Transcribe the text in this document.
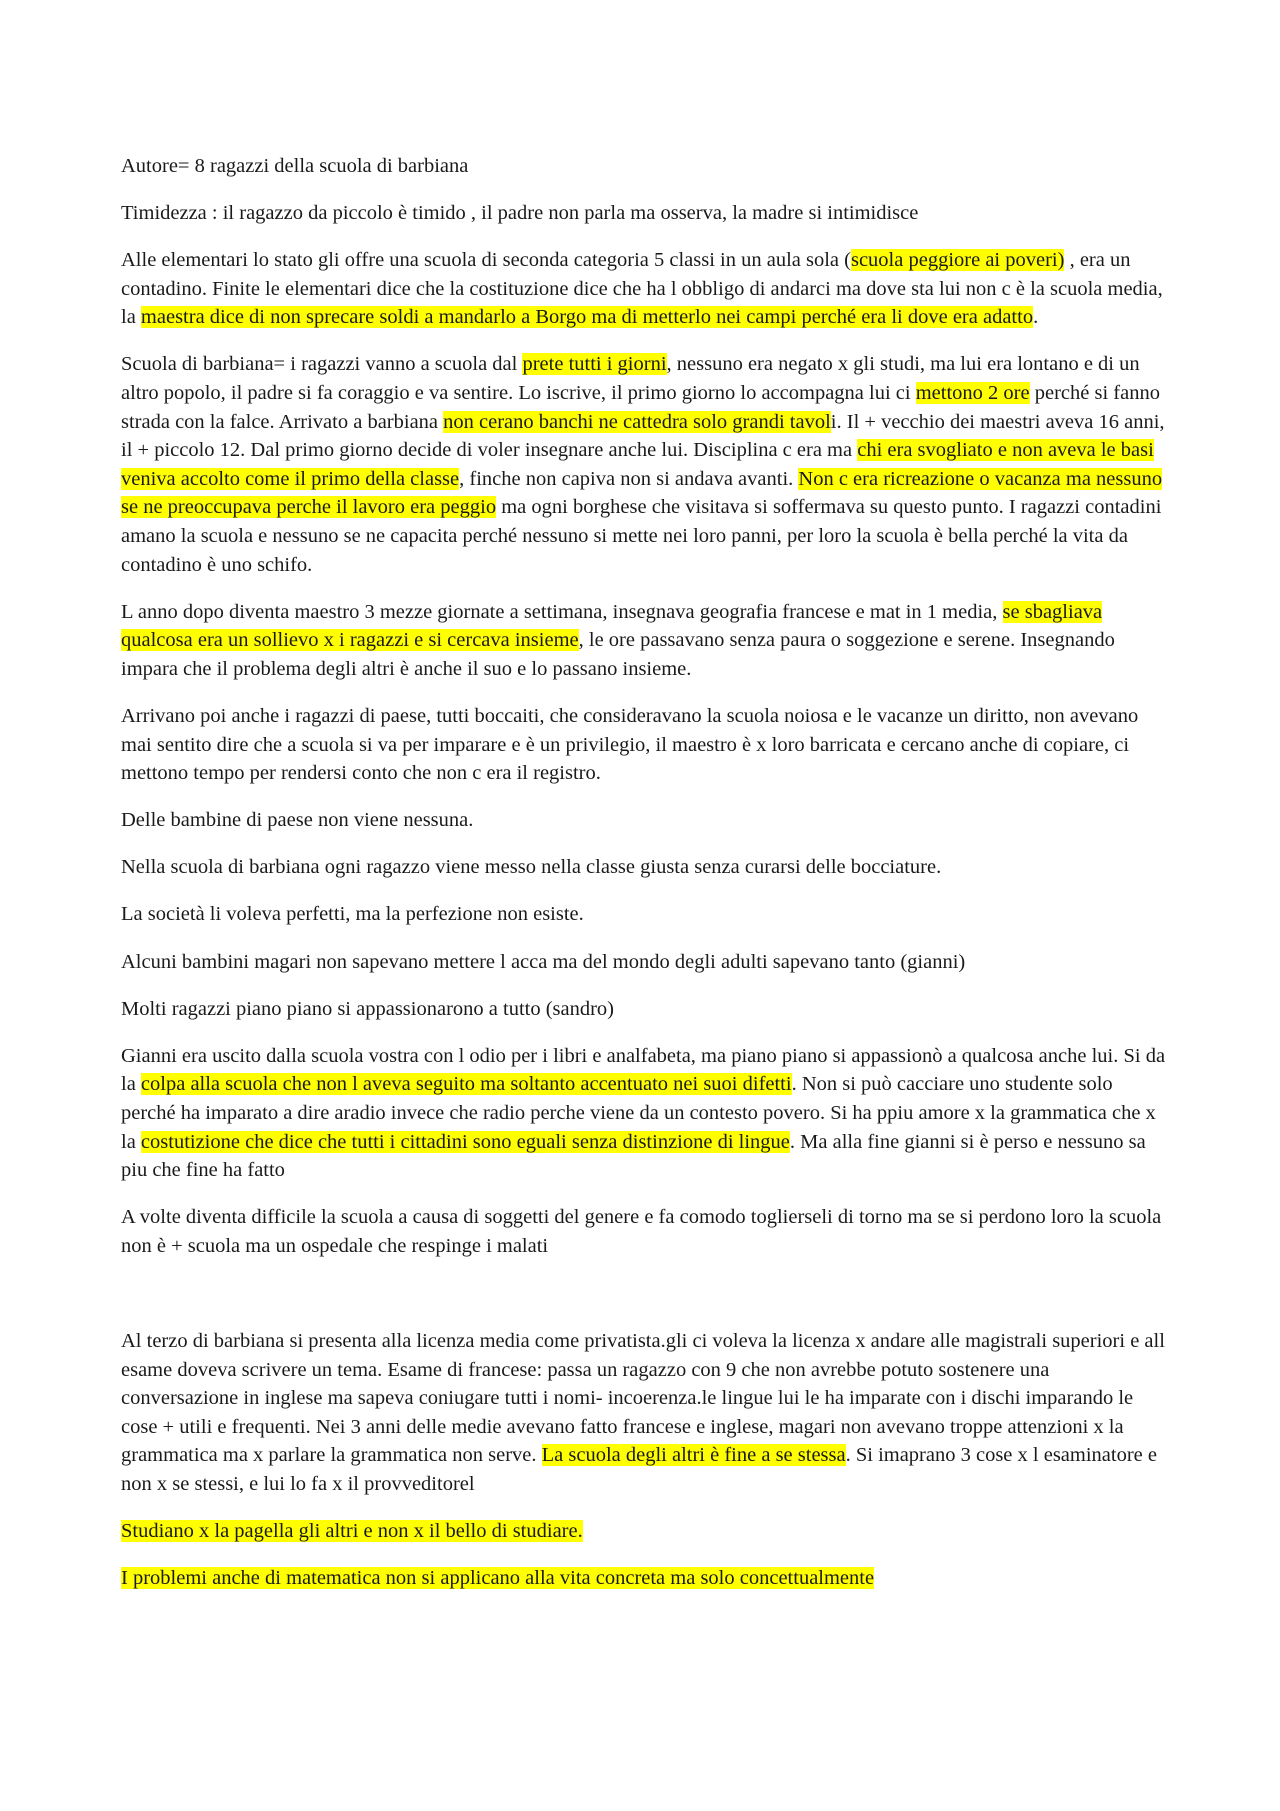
Autore= 8 ragazzi della scuola di barbiana

Timidezza : il ragazzo da piccolo è timido , il padre non parla ma osserva, la madre si intimidisce

Alle elementari lo stato gli offre una scuola di seconda categoria 5 classi in un aula sola (scuola peggiore ai poveri) , era un contadino. Finite le elementari dice che la costituzione dice che ha l obbligo di andarci ma dove sta lui non c è la scuola media, la maestra dice di non sprecare soldi a mandarlo a Borgo ma di metterlo nei campi perché era li dove era adatto.

Scuola di barbiana= i ragazzi vanno a scuola dal prete tutti i giorni, nessuno era negato x gli studi, ma lui era lontano e di un altro popolo, il padre si fa coraggio e va sentire. Lo iscrive, il primo giorno lo accompagna lui ci mettono 2 ore perché si fanno strada con la falce. Arrivato a barbiana non cerano banchi ne cattedra solo grandi tavoli. Il + vecchio dei maestri aveva 16 anni, il + piccolo 12. Dal primo giorno decide di voler insegnare anche lui. Disciplina c era ma chi era svogliato e non aveva le basi veniva accolto come il primo della classe, finche non capiva non si andava avanti. Non c era ricreazione o vacanza ma nessuno se ne preoccupava perche il lavoro era peggio ma ogni borghese che visitava si soffermava su questo punto. I ragazzi contadini amano la scuola e nessuno se ne capacita perché nessuno si mette nei loro panni, per loro la scuola è bella perché la vita da contadino è uno schifo.

L anno dopo diventa maestro 3 mezze giornate a settimana, insegnava geografia francese e mat in 1 media, se sbagliava qualcosa era un sollievo x i ragazzi e si cercava insieme, le ore passavano senza paura o soggezione e serene. Insegnando impara che il problema degli altri è anche il suo e lo passano insieme.

Arrivano poi anche i ragazzi di paese, tutti boccaiti, che consideravano la scuola noiosa e le vacanze un diritto, non avevano mai sentito dire che a scuola si va per imparare e è un privilegio, il maestro è x loro barricata e cercano anche di copiare, ci mettono tempo per rendersi conto che non c era il registro.

Delle bambine di paese non viene nessuna.

Nella scuola di barbiana ogni ragazzo viene messo nella classe giusta senza curarsi delle bocciature.

La società li voleva perfetti, ma la perfezione non esiste.

Alcuni bambini magari non sapevano mettere l acca ma del mondo degli adulti sapevano tanto (gianni)

Molti ragazzi piano piano si appassionarono a tutto (sandro)

Gianni era uscito dalla scuola vostra con l odio per i libri e analfabeta, ma piano piano si appassionò a qualcosa anche lui. Si da la colpa alla scuola che non l aveva seguito ma soltanto accentuato nei suoi difetti. Non si può cacciare uno studente solo perché ha imparato a dire aradio invece che radio perche viene da un contesto povero. Si ha ppiu amore x la grammatica che x la costutizione che dice che tutti i cittadini sono eguali senza distinzione di lingue. Ma alla fine gianni si è perso e nessuno sa piu che fine ha fatto

A volte diventa difficile la scuola a causa di soggetti del genere e fa comodo toglierseli di torno ma se si perdono loro la scuola non è + scuola ma un ospedale che respinge i malati

Al terzo di barbiana si presenta alla licenza media come privatista.gli ci voleva la licenza x andare alle magistrali superiori e all esame doveva scrivere un tema. Esame di francese: passa un ragazzo con 9 che non avrebbe potuto sostenere una conversazione in inglese ma sapeva coniugare tutti i nomi- incoerenza.le lingue lui le ha imparate con i dischi imparando le cose + utili e frequenti. Nei 3 anni delle medie avevano fatto francese e inglese, magari non avevano troppe attenzioni x la grammatica ma x parlare la grammatica non serve. La scuola degli altri è fine a se stessa. Si imaprano 3 cose x l esaminatore e non x se stessi, e lui lo fa x il provveditorel

Studiano x la pagella gli altri e non x il bello di studiare.

I problemi anche di matematica non si applicano alla vita concreta ma solo concettualmente
